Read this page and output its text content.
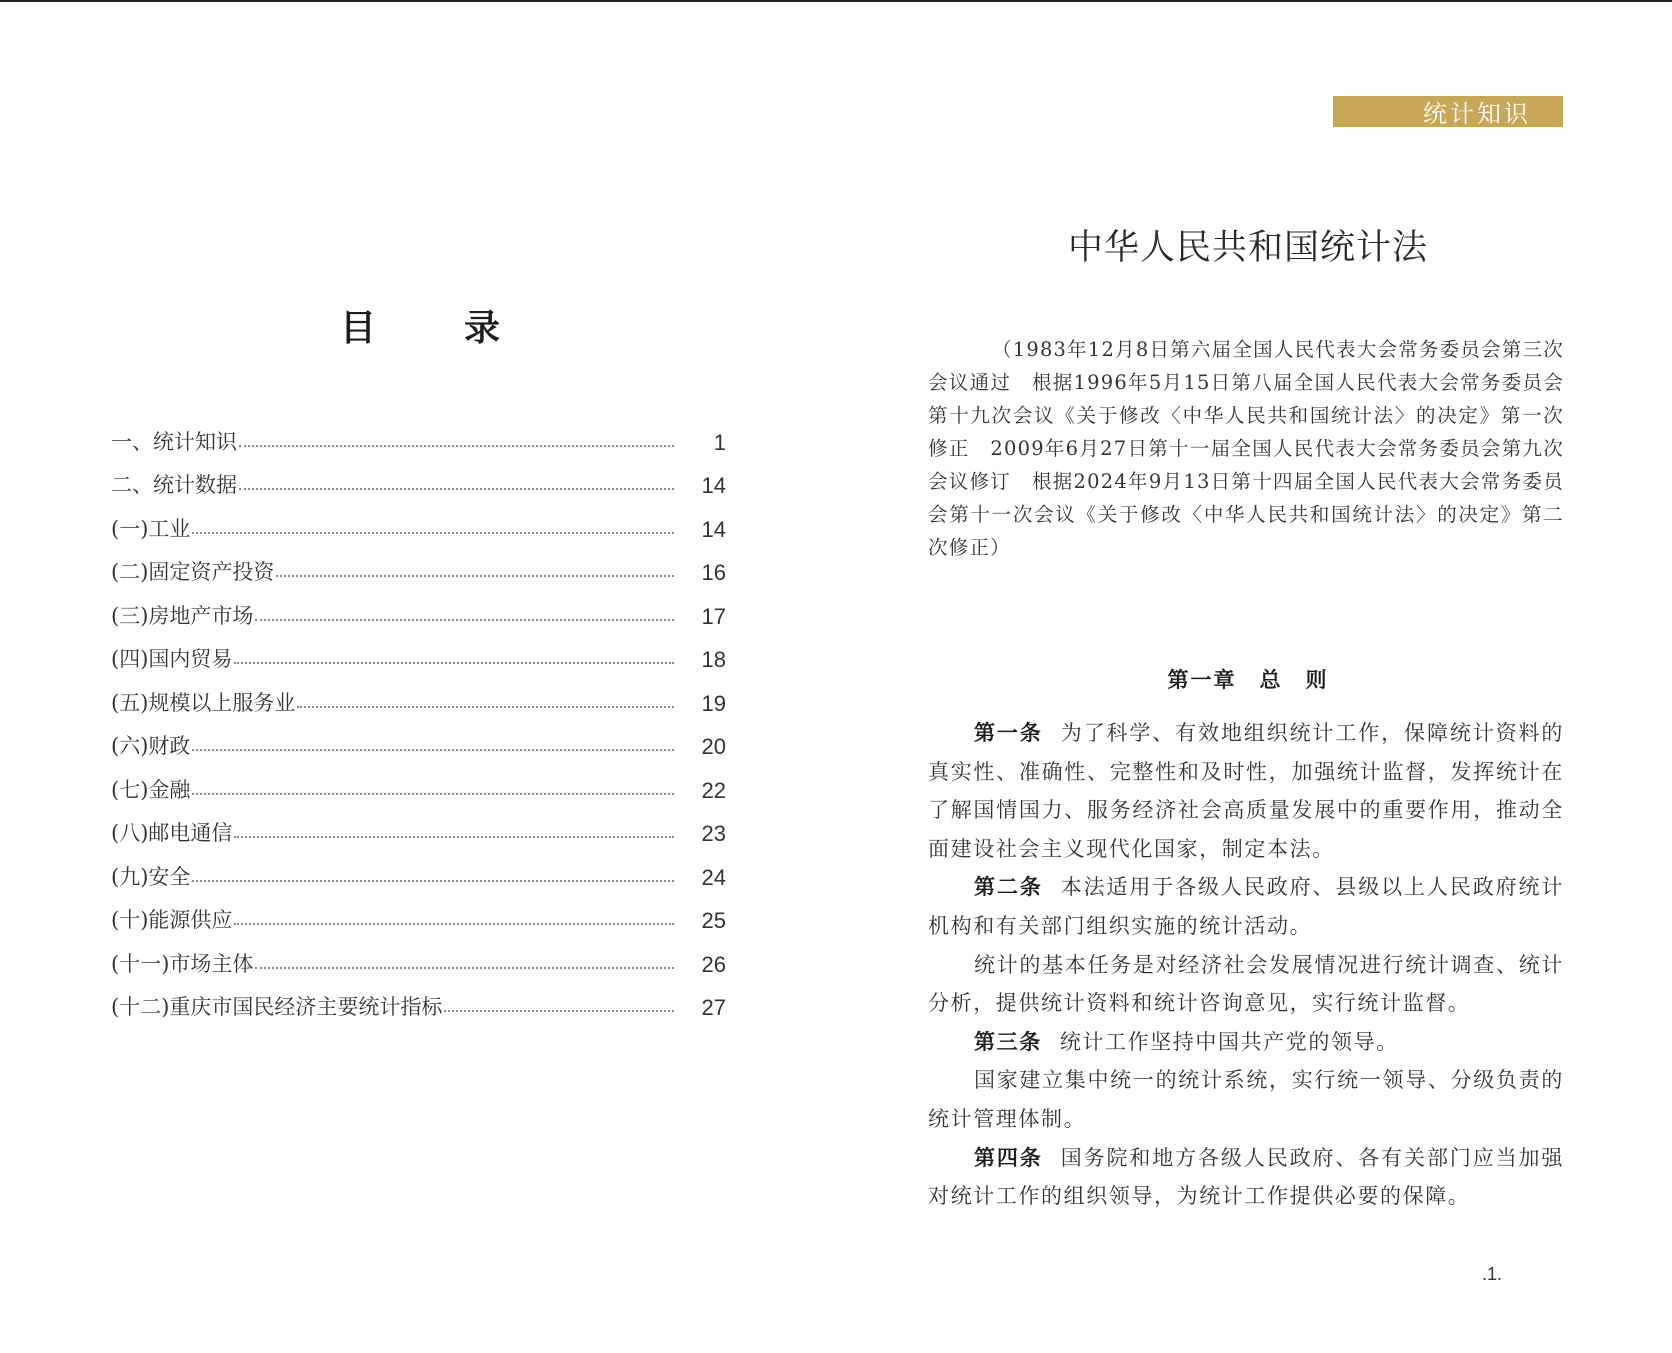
目 录
一、统计知识	1
二、统计数据	14
(一)工业	14
(二)固定资产投资	16
(三)房地产市场	17
(四)国内贸易	18
(五)规模以上服务业	19
(六)财政	20
(七)金融	22
(八)邮电通信	23
(九)安全	24
(十)能源供应	25
(十一)市场主体	26
(十二)重庆市国民经济主要统计指标	27
统计知识
中华人民共和国统计法
（1983年12月8日第六届全国人民代表大会常务委员会第三次会议通过　根据1996年5月15日第八届全国人民代表大会常务委员会第十九次会议《关于修改〈中华人民共和国统计法〉的决定》第一次修正　2009年6月27日第十一届全国人民代表大会常务委员会第九次会议修订　根据2024年9月13日第十四届全国人民代表大会常务委员会第十一次会议《关于修改〈中华人民共和国统计法〉的决定》第二次修正）
第一章　总　则

第一条 为了科学、有效地组织统计工作，保障统计资料的真实性、准确性、完整性和及时性，加强统计监督，发挥统计在了解国情国力、服务经济社会高质量发展中的重要作用，推动全面建设社会主义现代化国家，制定本法。

第二条 本法适用于各级人民政府、县级以上人民政府统计机构和有关部门组织实施的统计活动。

统计的基本任务是对经济社会发展情况进行统计调查、统计分析，提供统计资料和统计咨询意见，实行统计监督。

第三条 统计工作坚持中国共产党的领导。

国家建立集中统一的统计系统，实行统一领导、分级负责的统计管理体制。

第四条 国务院和地方各级人民政府、各有关部门应当加强对统计工作的组织领导，为统计工作提供必要的保障。

.1.
